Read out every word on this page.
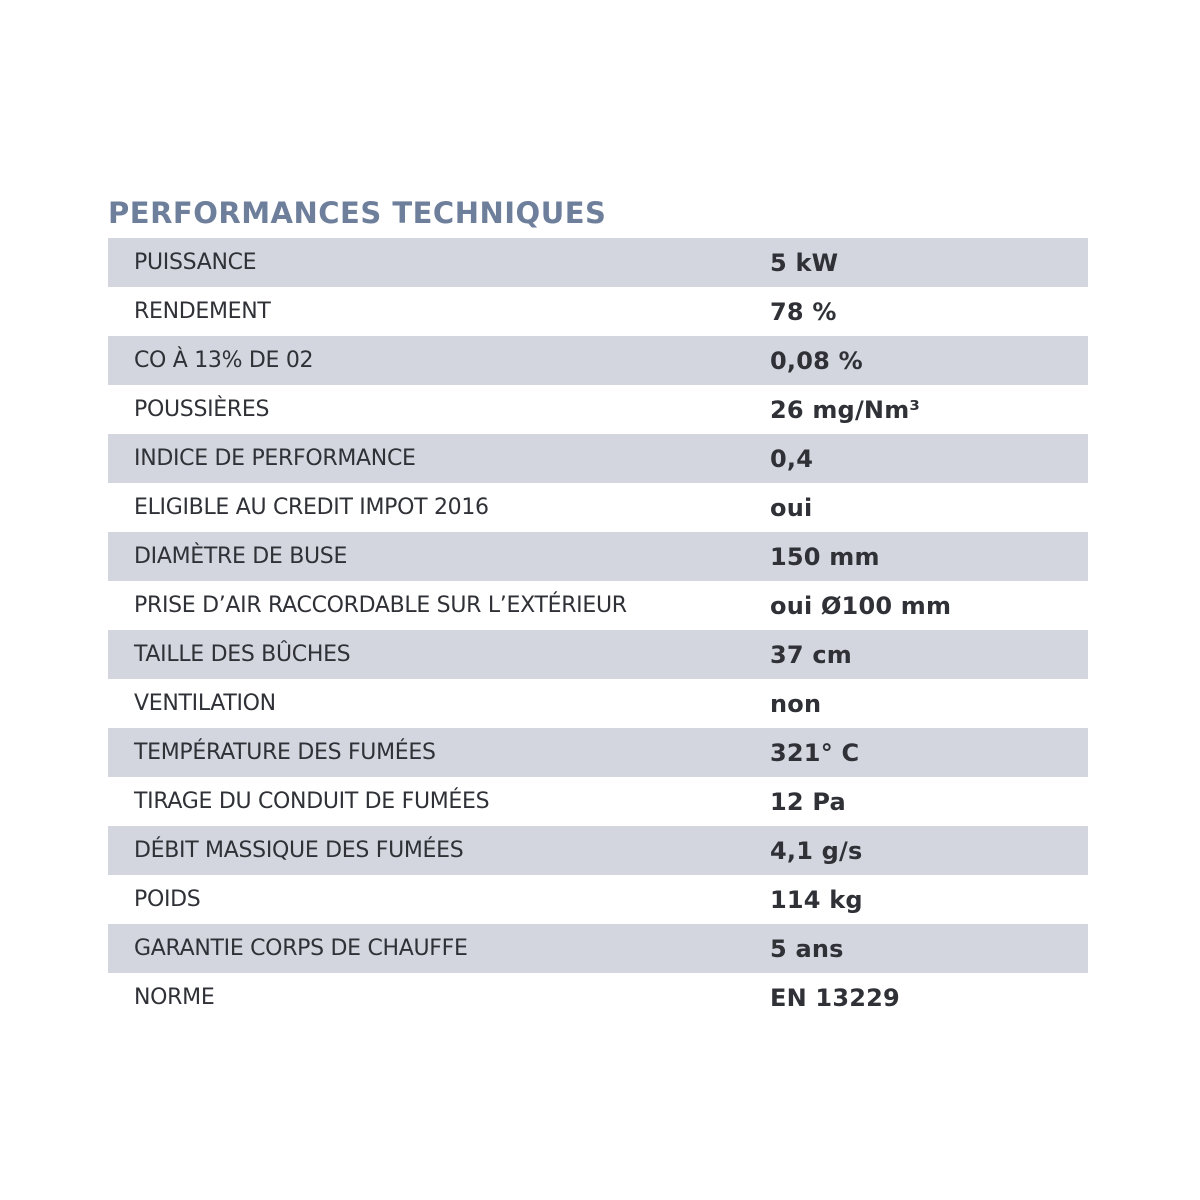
PERFORMANCES TECHNIQUES
PUISSANCE	5 kW
RENDEMENT	78 %
CO À 13% DE 02	0,08 %
POUSSIÈRES	26 mg/Nm³
INDICE DE PERFORMANCE	0,4
ELIGIBLE AU CREDIT IMPOT 2016	oui
DIAMÈTRE DE BUSE	150 mm
PRISE D’AIR RACCORDABLE SUR L’EXTÉRIEUR	oui Ø100 mm
TAILLE DES BÛCHES	37 cm
VENTILATION	non
TEMPÉRATURE DES FUMÉES	321° C
TIRAGE DU CONDUIT DE FUMÉES	12 Pa
DÉBIT MASSIQUE DES FUMÉES	4,1 g/s
POIDS	114 kg
GARANTIE CORPS DE CHAUFFE	5 ans
NORME	EN 13229
